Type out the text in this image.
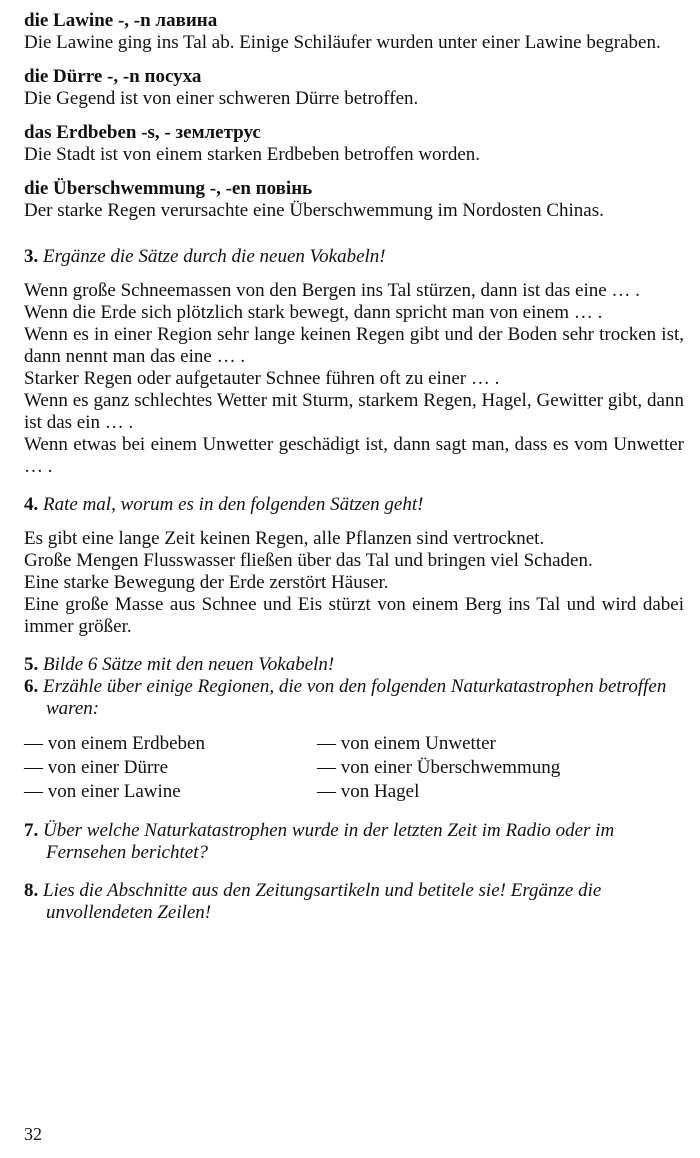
die Lawine -, -n лавина

Die Lawine ging ins Tal ab. Einige Schiläufer wurden unter einer Lawine begraben.

die Dürre -, -n посуха

Die Gegend ist von einer schweren Dürre betroffen.

das Erdbeben -s, - землетрус

Die Stadt ist von einem starken Erdbeben betroffen worden.

die Überschwemmung -, -en повінь

Der starke Regen verursachte eine Überschwemmung im Nordosten Chinas.

3. Ergänze die Sätze durch die neuen Vokabeln!

Wenn große Schneemassen von den Bergen ins Tal stürzen, dann ist das eine … .

Wenn die Erde sich plötzlich stark bewegt, dann spricht man von einem … .

Wenn es in einer Region sehr lange keinen Regen gibt und der Boden sehr trocken ist, dann nennt man das eine … .

Starker Regen oder aufgetauter Schnee führen oft zu einer … .

Wenn es ganz schlechtes Wetter mit Sturm, starkem Regen, Hagel, Gewitter gibt, dann ist das ein … .

Wenn etwas bei einem Unwetter geschädigt ist, dann sagt man, dass es vom Unwetter … .

4. Rate mal, worum es in den folgenden Sätzen geht!

Es gibt eine lange Zeit keinen Regen, alle Pflanzen sind vertrocknet.

Große Mengen Flusswasser fließen über das Tal und bringen viel Schaden.

Eine starke Bewegung der Erde zerstört Häuser.

Eine große Masse aus Schnee und Eis stürzt von einem Berg ins Tal und wird dabei immer größer.

5. Bilde 6 Sätze mit den neuen Vokabeln!

6. Erzähle über einige Regionen, die von den folgenden Naturkatastrophen betroffen waren:

— von einem Erdbeben
— von einer Dürre
— von einer Lawine
— von einem Unwetter
— von einer Überschwemmung
— von Hagel

7. Über welche Naturkatastrophen wurde in der letzten Zeit im Radio oder im Fernsehen berichtet?

8. Lies die Abschnitte aus den Zeitungsartikeln und betitele sie! Ergänze die unvollendeten Zeilen!

32
